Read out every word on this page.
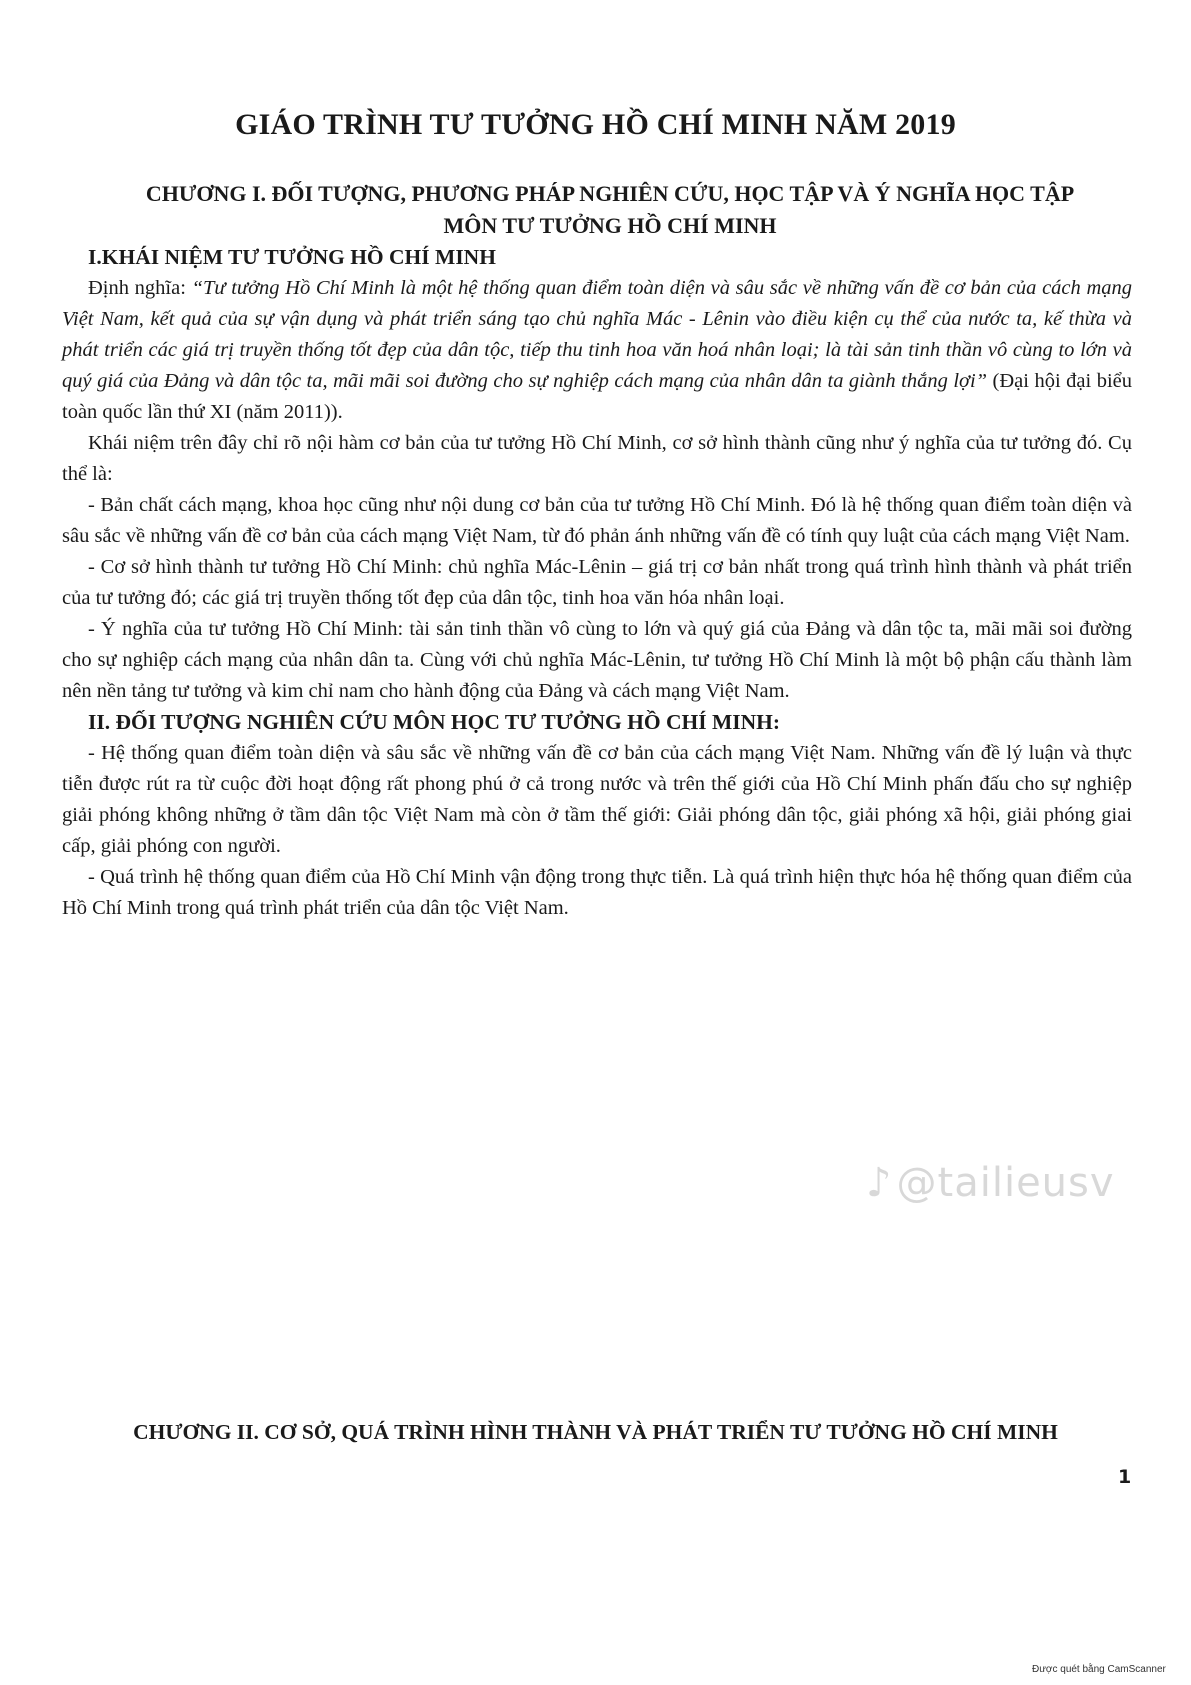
GIÁO TRÌNH TƯ TƯỞNG HỒ CHÍ MINH NĂM 2019
CHƯƠNG I. ĐỐI TƯỢNG, PHƯƠNG PHÁP NGHIÊN CỨU, HỌC TẬP VÀ Ý NGHĨA HỌC TẬP
MÔN TƯ TƯỞNG HỒ CHÍ MINH
I.KHÁI NIỆM TƯ TƯỞNG HỒ CHÍ MINH

Định nghĩa: “Tư tưởng Hồ Chí Minh là một hệ thống quan điểm toàn diện và sâu sắc về những vấn đề cơ bản của cách mạng Việt Nam, kết quả của sự vận dụng và phát triển sáng tạo chủ nghĩa Mác - Lênin vào điều kiện cụ thể của nước ta, kế thừa và phát triển các giá trị truyền thống tốt đẹp của dân tộc, tiếp thu tinh hoa văn hoá nhân loại; là tài sản tinh thần vô cùng to lớn và quý giá của Đảng và dân tộc ta, mãi mãi soi đường cho sự nghiệp cách mạng của nhân dân ta giành thắng lợi” (Đại hội đại biểu toàn quốc lần thứ XI (năm 2011)).

Khái niệm trên đây chỉ rõ nội hàm cơ bản của tư tưởng Hồ Chí Minh, cơ sở hình thành cũng như ý nghĩa của tư tưởng đó. Cụ thể là:

- Bản chất cách mạng, khoa học cũng như nội dung cơ bản của tư tưởng Hồ Chí Minh. Đó là hệ thống quan điểm toàn diện và sâu sắc về những vấn đề cơ bản của cách mạng Việt Nam, từ đó phản ánh những vấn đề có tính quy luật của cách mạng Việt Nam.

- Cơ sở hình thành tư tưởng Hồ Chí Minh: chủ nghĩa Mác-Lênin – giá trị cơ bản nhất trong quá trình hình thành và phát triển của tư tưởng đó; các giá trị truyền thống tốt đẹp của dân tộc, tinh hoa văn hóa nhân loại.

- Ý nghĩa của tư tưởng Hồ Chí Minh: tài sản tinh thần vô cùng to lớn và quý giá của Đảng và dân tộc ta, mãi mãi soi đường cho sự nghiệp cách mạng của nhân dân ta. Cùng với chủ nghĩa Mác-Lênin, tư tưởng Hồ Chí Minh là một bộ phận cấu thành làm nên nền tảng tư tưởng và kim chỉ nam cho hành động của Đảng và cách mạng Việt Nam.

II. ĐỐI TƯỢNG NGHIÊN CỨU MÔN HỌC TƯ TƯỞNG HỒ CHÍ MINH:

- Hệ thống quan điểm toàn diện và sâu sắc về những vấn đề cơ bản của cách mạng Việt Nam. Những vấn đề lý luận và thực tiễn được rút ra từ cuộc đời hoạt động rất phong phú ở cả trong nước và trên thế giới của Hồ Chí Minh phấn đấu cho sự nghiệp giải phóng không những ở tầm dân tộc Việt Nam mà còn ở tầm thế giới: Giải phóng dân tộc, giải phóng xã hội, giải phóng giai cấp, giải phóng con người.

- Quá trình hệ thống quan điểm của Hồ Chí Minh vận động trong thực tiễn. Là quá trình hiện thực hóa hệ thống quan điểm của Hồ Chí Minh trong quá trình phát triển của dân tộc Việt Nam.

♪ @tailieusv
CHƯƠNG II. CƠ SỞ, QUÁ TRÌNH HÌNH THÀNH VÀ PHÁT TRIỂN TƯ TƯỞNG HỒ CHÍ MINH
1
Được quét bằng CamScanner
